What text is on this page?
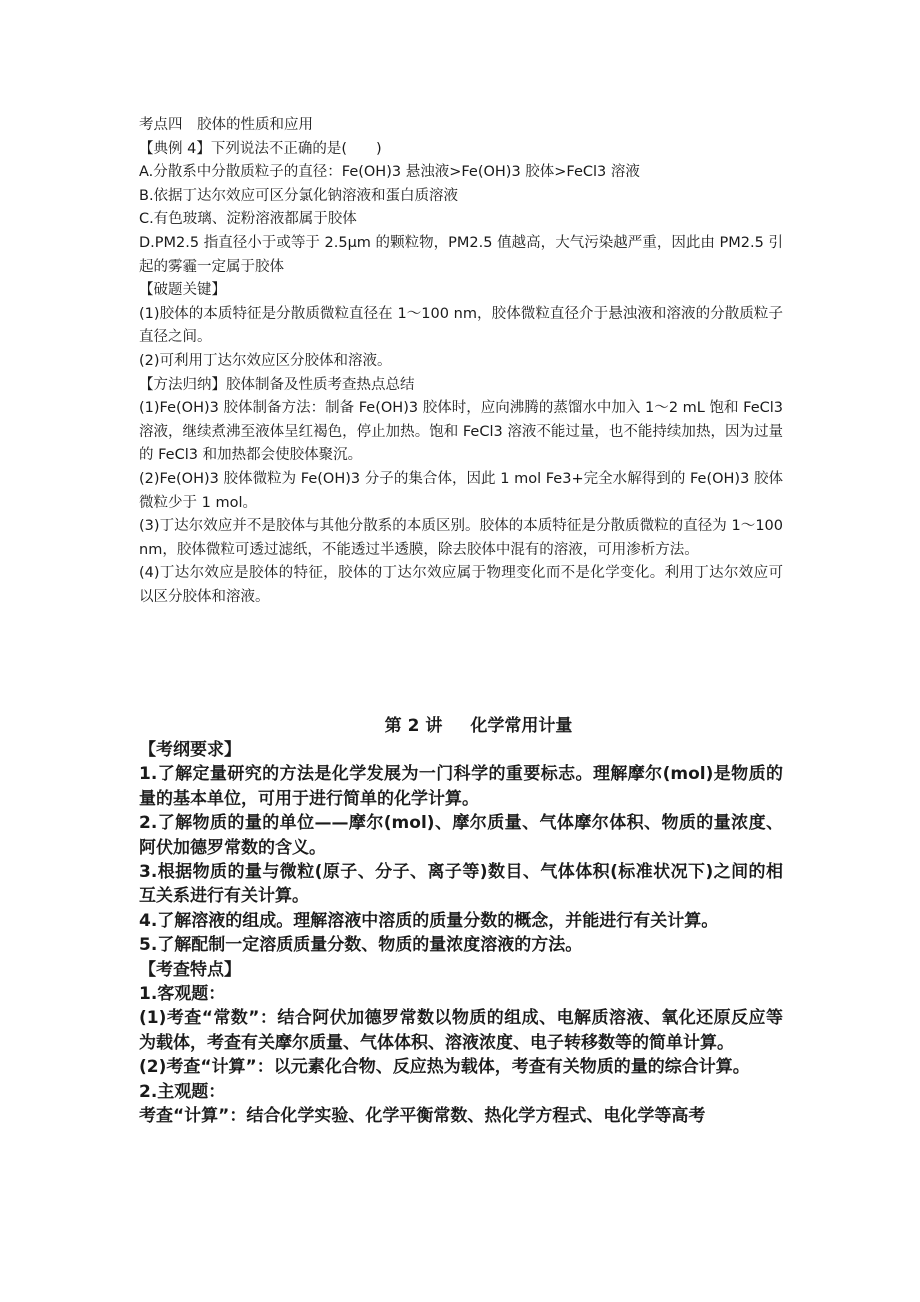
考点四　胶体的性质和应用

【典例 4】下列说法不正确的是(　　)

A.分散系中分散质粒子的直径：Fe(OH)3 悬浊液>Fe(OH)3 胶体>FeCl3 溶液

B.依据丁达尔效应可区分氯化钠溶液和蛋白质溶液

C.有色玻璃、淀粉溶液都属于胶体

D.PM2.5 指直径小于或等于 2.5μm 的颗粒物，PM2.5 值越高，大气污染越严重，因此由 PM2.5 引起的雾霾一定属于胶体

【破题关键】

(1)胶体的本质特征是分散质微粒直径在 1～100 nm，胶体微粒直径介于悬浊液和溶液的分散质粒子直径之间。

(2)可利用丁达尔效应区分胶体和溶液。

【方法归纳】胶体制备及性质考查热点总结

(1)Fe(OH)3 胶体制备方法：制备 Fe(OH)3 胶体时，应向沸腾的蒸馏水中加入 1～2 mL 饱和 FeCl3 溶液，继续煮沸至液体呈红褐色，停止加热。饱和 FeCl3 溶液不能过量，也不能持续加热，因为过量的 FeCl3 和加热都会使胶体聚沉。

(2)Fe(OH)3 胶体微粒为 Fe(OH)3 分子的集合体，因此 1 mol Fe3+完全水解得到的 Fe(OH)3 胶体微粒少于 1 mol。

(3)丁达尔效应并不是胶体与其他分散系的本质区别。胶体的本质特征是分散质微粒的直径为 1～100 nm，胶体微粒可透过滤纸，不能透过半透膜，除去胶体中混有的溶液，可用渗析方法。

(4)丁达尔效应是胶体的特征，胶体的丁达尔效应属于物理变化而不是化学变化。利用丁达尔效应可以区分胶体和溶液。

第 2 讲 化学常用计量

【考纲要求】

1.了解定量研究的方法是化学发展为一门科学的重要标志。理解摩尔(mol)是物质的量的基本单位，可用于进行简单的化学计算。

2.了解物质的量的单位——摩尔(mol)、摩尔质量、气体摩尔体积、物质的量浓度、阿伏加德罗常数的含义。

3.根据物质的量与微粒(原子、分子、离子等)数目、气体体积(标准状况下)之间的相互关系进行有关计算。

4.了解溶液的组成。理解溶液中溶质的质量分数的概念，并能进行有关计算。

5.了解配制一定溶质质量分数、物质的量浓度溶液的方法。

【考查特点】

1.客观题：

(1)考查“常数”：结合阿伏加德罗常数以物质的组成、电解质溶液、氧化还原反应等为载体，考查有关摩尔质量、气体体积、溶液浓度、电子转移数等的简单计算。

(2)考查“计算”：以元素化合物、反应热为载体，考查有关物质的量的综合计算。

2.主观题：

考查“计算”：结合化学实验、化学平衡常数、热化学方程式、电化学等高考
